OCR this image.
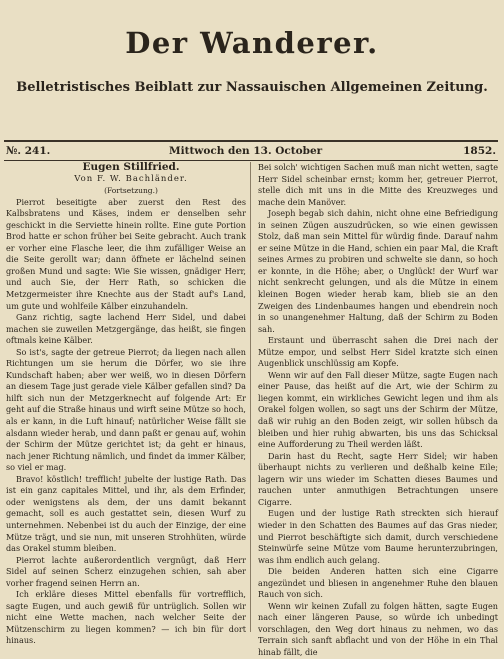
Der Wanderer.
Belletristisches Beiblatt zur Nassauischen Allgemeinen Zeitung.
№. 241.	Mittwoch den 13. October	1852.

Eugen Stillfried.

Von F. W. Bachländer.

(Fortsetzung.)

Pierrot beseitigte aber zuerst den Rest des Kalbsbratens und Käses, indem er denselben sehr geschickt in die Serviette hinein rollte. Eine gute Portion Brod hatte er schon früher bei Seite gebracht. Auch trank er vorher eine Flasche leer, die ihm zufälliger Weise an die Seite gerollt war; dann öffnete er lächelnd seinen großen Mund und sagte: Wie Sie wissen, gnädiger Herr, und auch Sie, der Herr Rath, so schicken die Metzgermeister ihre Knechte aus der Stadt auf's Land, um gute und wohlfeile Kälber einzuhandeln.

Ganz richtig, sagte lachend Herr Sidel, und dabei machen sie zuweilen Metzgergänge, das heißt, sie fingen oftmals keine Kälber.

So ist's, sagte der getreue Pierrot; da liegen nach allen Richtungen um sie herum die Dörfer, wo sie ihre Kundschaft haben; aber wer weiß, wo in diesen Dörfern an diesem Tage just gerade viele Kälber gefallen sind? Da hilft sich nun der Metzgerknecht auf folgende Art: Er geht auf die Straße hinaus und wirft seine Mütze so hoch, als er kann, in die Luft hinauf; natürlicher Weise fällt sie alsdann wieder herab, und dann paßt er genau auf, wohin der Schirm der Mütze gerichtet ist; da geht er hinaus, nach jener Richtung nämlich, und findet da immer Kälber, so viel er mag.

Bravo! köstlich! trefflich! jubelte der lustige Rath. Das ist ein ganz capitales Mittel, und ihr, als dem Erfinder, oder wenigstens als dem, der uns damit bekannt gemacht, soll es auch gestattet sein, diesen Wurf zu unternehmen. Nebenbei ist du auch der Einzige, der eine Mütze trägt, und sie nun, mit unseren Strohhüten, würde das Orakel stumm bleiben.

Pierrot lachte außerordentlich vergnügt, daß Herr Sidel auf seinen Scherz einzugehen schien, sah aber vorher fragend seinen Herrn an.

Ich erkläre dieses Mittel ebenfalls für vortrefflich, sagte Eugen, und auch gewiß für untrüglich. Sollen wir nicht eine Wette machen, nach welcher Seite der Mützenschirm zu liegen kommen? — ich bin für dort hinaus.

Bei solch' wichtigen Sachen muß man nicht wetten, sagte Herr Sidel scheinbar ernst; komm her, getreuer Pierrot, stelle dich mit uns in die Mitte des Kreuzweges und mache dein Manöver.

Joseph begab sich dahin, nicht ohne eine Befriedigung in seinen Zügen auszudrücken, so wie einen gewissen Stolz, daß man sein Mittel für würdig finde. Darauf nahm er seine Mütze in die Hand, schien ein paar Mal, die Kraft seines Armes zu probiren und schwelte sie dann, so hoch er konnte, in die Höhe; aber, o Unglück! der Wurf war nicht senkrecht gelungen, und als die Mütze in einem kleinen Bogen wieder herab kam, blieb sie an den Zweigen des Lindenbaumes hangen und ebendrein noch in so unangenehmer Haltung, daß der Schirm zu Boden sah.

Erstaunt und überrascht sahen die Drei nach der Mütze empor, und selbst Herr Sidel kratzte sich einen Augenblick unschlüssig am Kopfe.

Wenn wir auf den Fall dieser Mütze, sagte Eugen nach einer Pause, das heißt auf die Art, wie der Schirm zu liegen kommt, ein wirkliches Gewicht legen und ihm als Orakel folgen wollen, so sagt uns der Schirm der Mütze, daß wir ruhig an den Boden zeigt, wir sollen hübsch da bleiben und hier ruhig abwarten, bis uns das Schicksal eine Aufforderung zu Theil werden läßt.

Darin hast du Recht, sagte Herr Sidel; wir haben überhaupt nichts zu verlieren und deßhalb keine Eile; lagern wir uns wieder im Schatten dieses Baumes und rauchen unter anmuthigen Betrachtungen unsere Cigarre.

Eugen und der lustige Rath streckten sich hierauf wieder in den Schatten des Baumes auf das Gras nieder, und Pierrot beschäftigte sich damit, durch verschiedene Steinwürfe seine Mütze vom Baume herunterzubringen, was ihm endlich auch gelang.

Die beiden Anderen hatten sich eine Cigarre angezündet und bliesen in angenehmer Ruhe den blauen Rauch von sich.

Wenn wir keinen Zufall zu folgen hätten, sagte Eugen nach einer längeren Pause, so würde ich unbedingt vorschlagen, den Weg dort hinaus zu nehmen, wo das Terrain sich sanft abflacht und von der Höhe in ein Thal hinab fällt, die
